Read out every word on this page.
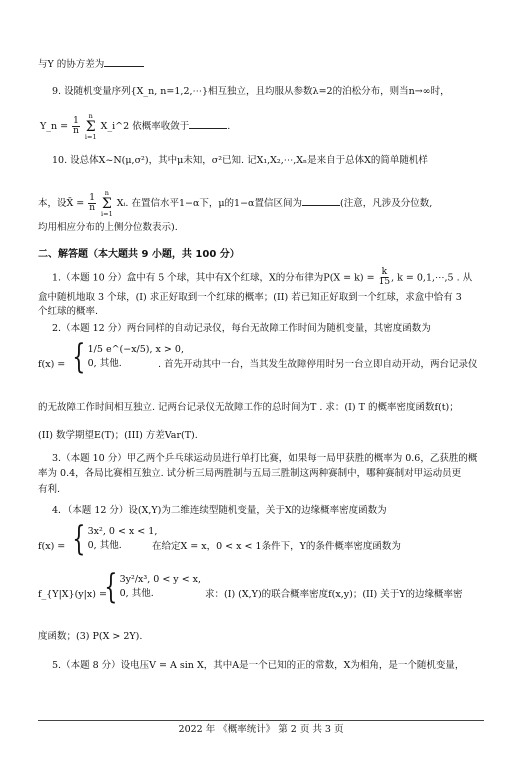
与Y 的协方差为
9. 设随机变量序列{X_n, n=1,2,⋯}相互独立，且均服从参数λ=2的泊松分布，则当n→∞时，
Y_n = $\frac{1}{n}$

n
Σ
i=1
X_i^2 依概率收敛于	.
10. 设总体X~N(μ,σ²)，其中μ未知，σ²已知. 记X₁,X₂,⋯,Xₙ是来自于总体X的简单随机样
本，设X̄ = $\frac{1}{n}$

n
Σ
i=1
Xᵢ. 在置信水平1−α下，μ的1−α置信区间为	(注意，凡涉及分位数,
均用相应分布的上侧分位数表示).
二、解答题（本大题共 9 小题，共 100 分）
1.（本题 10 分）盒中有 5 个球，其中有X个红球，X的分布律为$P(X = k) = \frac{k}{15}$ , k = 0,1,⋯,5 . 从
盒中随机地取 3 个球，(I) 求正好取到一个红球的概率；(II) 若已知正好取到一个红球，求盒中恰有 3
个红球的概率.
2.（本题 12 分）两台同样的自动记录仪，每台无故障工作时间为随机变量，其密度函数为
f(x) = { 1/5 e^(−x/5), x > 0,
0, 其他.	. 首先开动其中一台，当其发生故障停用时另一台立即自动开动，两台记录仪
的无故障工作时间相互独立. 记两台记录仪无故障工作的总时间为T . 求：(I) T 的概率密度函数f(t)；
(II) 数学期望E(T)；(III) 方差Var(T).
3.（本题 10 分）甲乙两个乒乓球运动员进行单打比赛，如果每一局甲获胜的概率为 0.6，乙获胜的概
率为 0.4，各局比赛相互独立. 试分析三局两胜制与五局三胜制这两种赛制中，哪种赛制对甲运动员更
有利.
4．（本题 12 分）设(X,Y)为二维连续型随机变量，关于X的边缘概率密度函数为
f(x) = { 3x², 0 < x < 1,
0, 其他.	在给定X = x，0 < x < 1条件下，Y的条件概率密度函数为
f_{Y|X}(y|x) =
{ 3y²/x³, 0 < y < x,
0, 其他.	求：(I) (X,Y)的联合概率密度f(x,y)；(II) 关于Y的边缘概率密
度函数；(3) P(X > 2Y).
5.（本题 8 分）设电压V = A sin X，其中A是一个已知的正的常数，X为相角，是一个随机变量，
2022 年 《概率统计》 第 2 页 共 3 页
